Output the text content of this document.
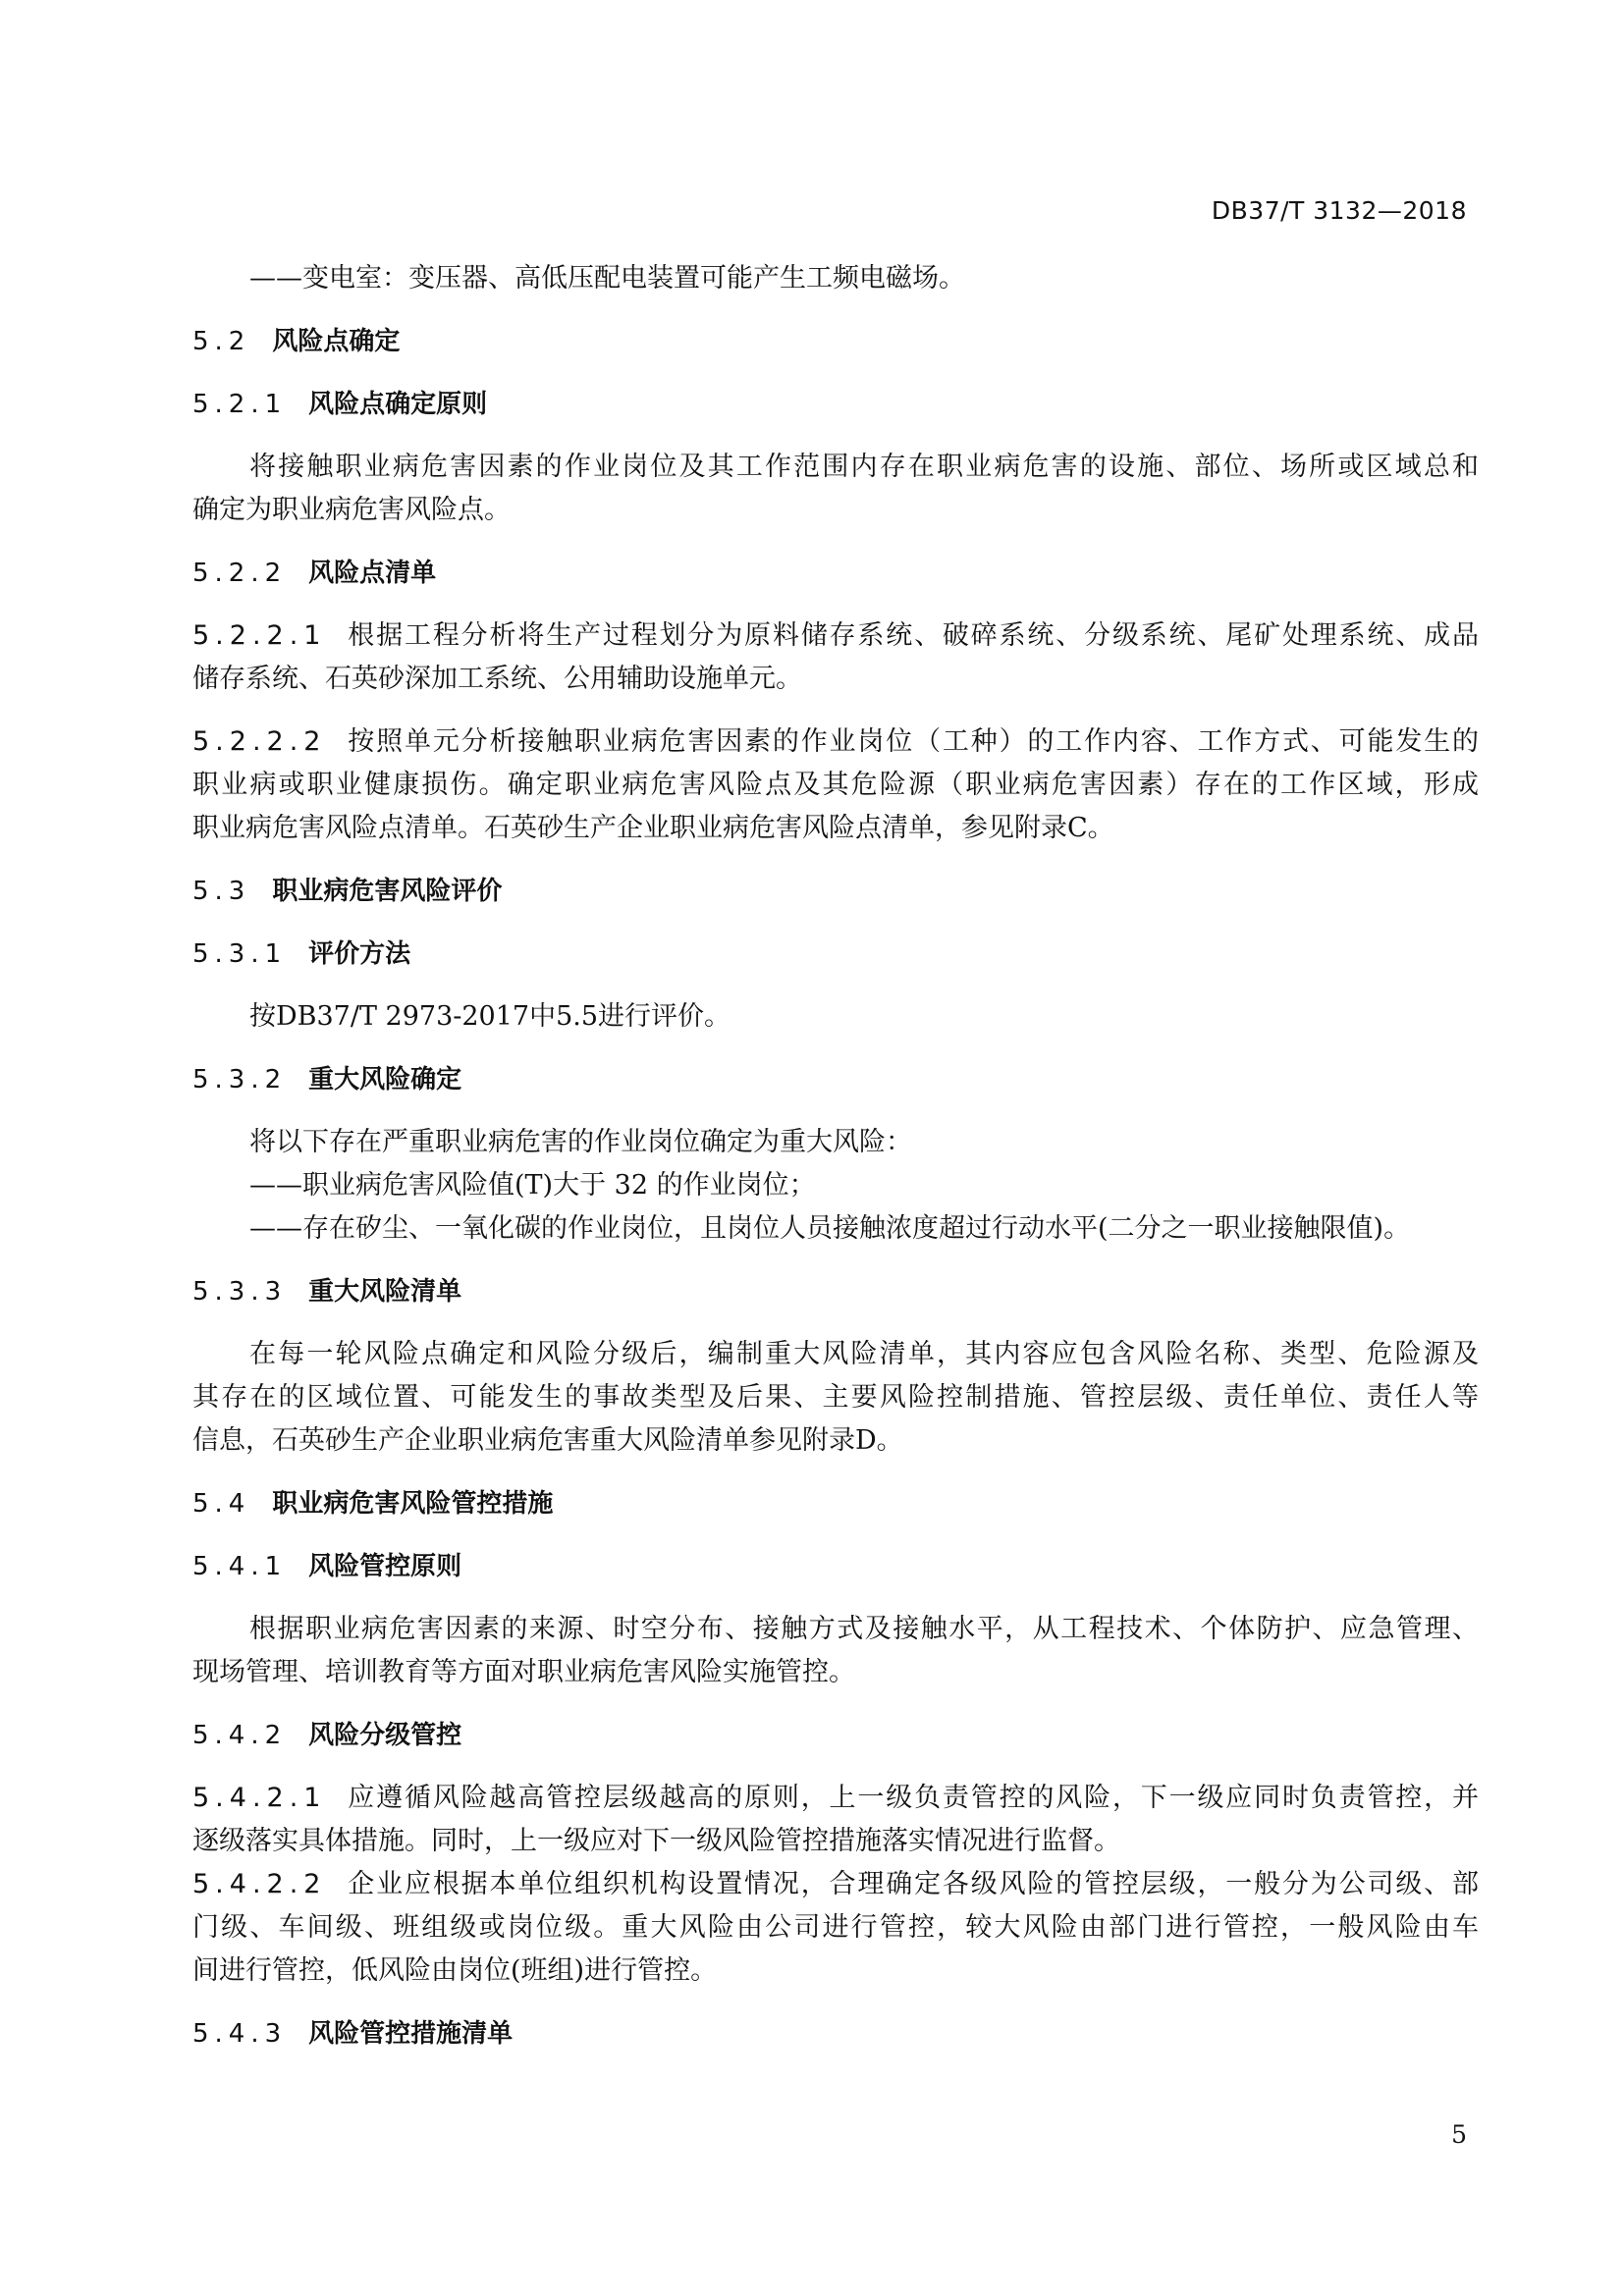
DB37/T 3132—2018
——变电室：变压器、高低压配电装置可能产生工频电磁场。
5.2 风险点确定
5.2.1 风险点确定原则
将接触职业病危害因素的作业岗位及其工作范围内存在职业病危害的设施、部位、场所或区域总和
确定为职业病危害风险点。
5.2.2 风险点清单
5.2.2.1 根据工程分析将生产过程划分为原料储存系统、破碎系统、分级系统、尾矿处理系统、成品
储存系统、石英砂深加工系统、公用辅助设施单元。
5.2.2.2 按照单元分析接触职业病危害因素的作业岗位（工种）的工作内容、工作方式、可能发生的
职业病或职业健康损伤。确定职业病危害风险点及其危险源（职业病危害因素）存在的工作区域，形成
职业病危害风险点清单。石英砂生产企业职业病危害风险点清单，参见附录C。
5.3 职业病危害风险评价
5.3.1 评价方法
按DB37/T 2973-2017中5.5进行评价。
5.3.2 重大风险确定
将以下存在严重职业病危害的作业岗位确定为重大风险：
——职业病危害风险值(T)大于 32 的作业岗位；
——存在矽尘、一氧化碳的作业岗位，且岗位人员接触浓度超过行动水平(二分之一职业接触限值)。
5.3.3 重大风险清单
在每一轮风险点确定和风险分级后，编制重大风险清单，其内容应包含风险名称、类型、危险源及
其存在的区域位置、可能发生的事故类型及后果、主要风险控制措施、管控层级、责任单位、责任人等
信息，石英砂生产企业职业病危害重大风险清单参见附录D。
5.4 职业病危害风险管控措施
5.4.1 风险管控原则
根据职业病危害因素的来源、时空分布、接触方式及接触水平，从工程技术、个体防护、应急管理、
现场管理、培训教育等方面对职业病危害风险实施管控。
5.4.2 风险分级管控
5.4.2.1 应遵循风险越高管控层级越高的原则，上一级负责管控的风险，下一级应同时负责管控，并
逐级落实具体措施。同时，上一级应对下一级风险管控措施落实情况进行监督。
5.4.2.2 企业应根据本单位组织机构设置情况，合理确定各级风险的管控层级，一般分为公司级、部
门级、车间级、班组级或岗位级。重大风险由公司进行管控，较大风险由部门进行管控，一般风险由车
间进行管控，低风险由岗位(班组)进行管控。
5.4.3 风险管控措施清单
5
